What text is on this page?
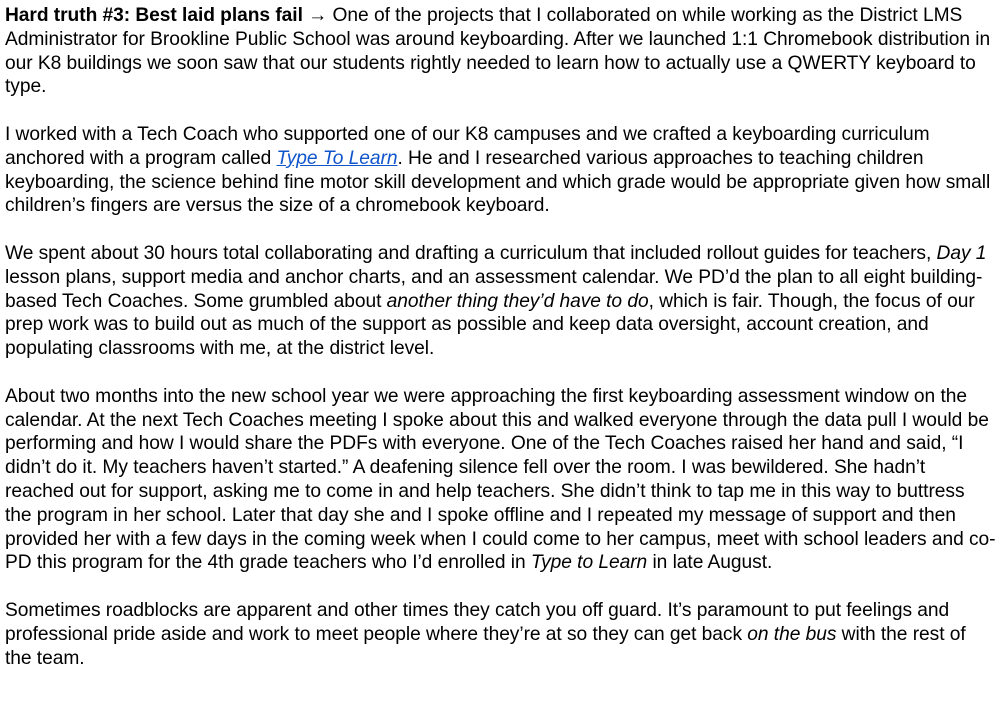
Hard truth #3: Best laid plans fail → One of the projects that I collaborated on while working as the District LMS Administrator for Brookline Public School was around keyboarding. After we launched 1:1 Chromebook distribution in our K8 buildings we soon saw that our students rightly needed to learn how to actually use a QWERTY keyboard to type.

I worked with a Tech Coach who supported one of our K8 campuses and we crafted a keyboarding curriculum anchored with a program called Type To Learn. He and I researched various approaches to teaching children keyboarding, the science behind fine motor skill development and which grade would be appropriate given how small children’s fingers are versus the size of a chromebook keyboard.

We spent about 30 hours total collaborating and drafting a curriculum that included rollout guides for teachers, Day 1 lesson plans, support media and anchor charts, and an assessment calendar. We PD’d the plan to all eight building-based Tech Coaches. Some grumbled about another thing they’d have to do, which is fair. Though, the focus of our prep work was to build out as much of the support as possible and keep data oversight, account creation, and populating classrooms with me, at the district level.

About two months into the new school year we were approaching the first keyboarding assessment window on the calendar. At the next Tech Coaches meeting I spoke about this and walked everyone through the data pull I would be performing and how I would share the PDFs with everyone. One of the Tech Coaches raised her hand and said, “I didn’t do it. My teachers haven’t started.” A deafening silence fell over the room. I was bewildered. She hadn’t reached out for support, asking me to come in and help teachers. She didn’t think to tap me in this way to buttress the program in her school. Later that day she and I spoke offline and I repeated my message of support and then provided her with a few days in the coming week when I could come to her campus, meet with school leaders and co-PD this program for the 4th grade teachers who I’d enrolled in Type to Learn in late August.

Sometimes roadblocks are apparent and other times they catch you off guard. It’s paramount to put feelings and professional pride aside and work to meet people where they’re at so they can get back on the bus with the rest of the team.
